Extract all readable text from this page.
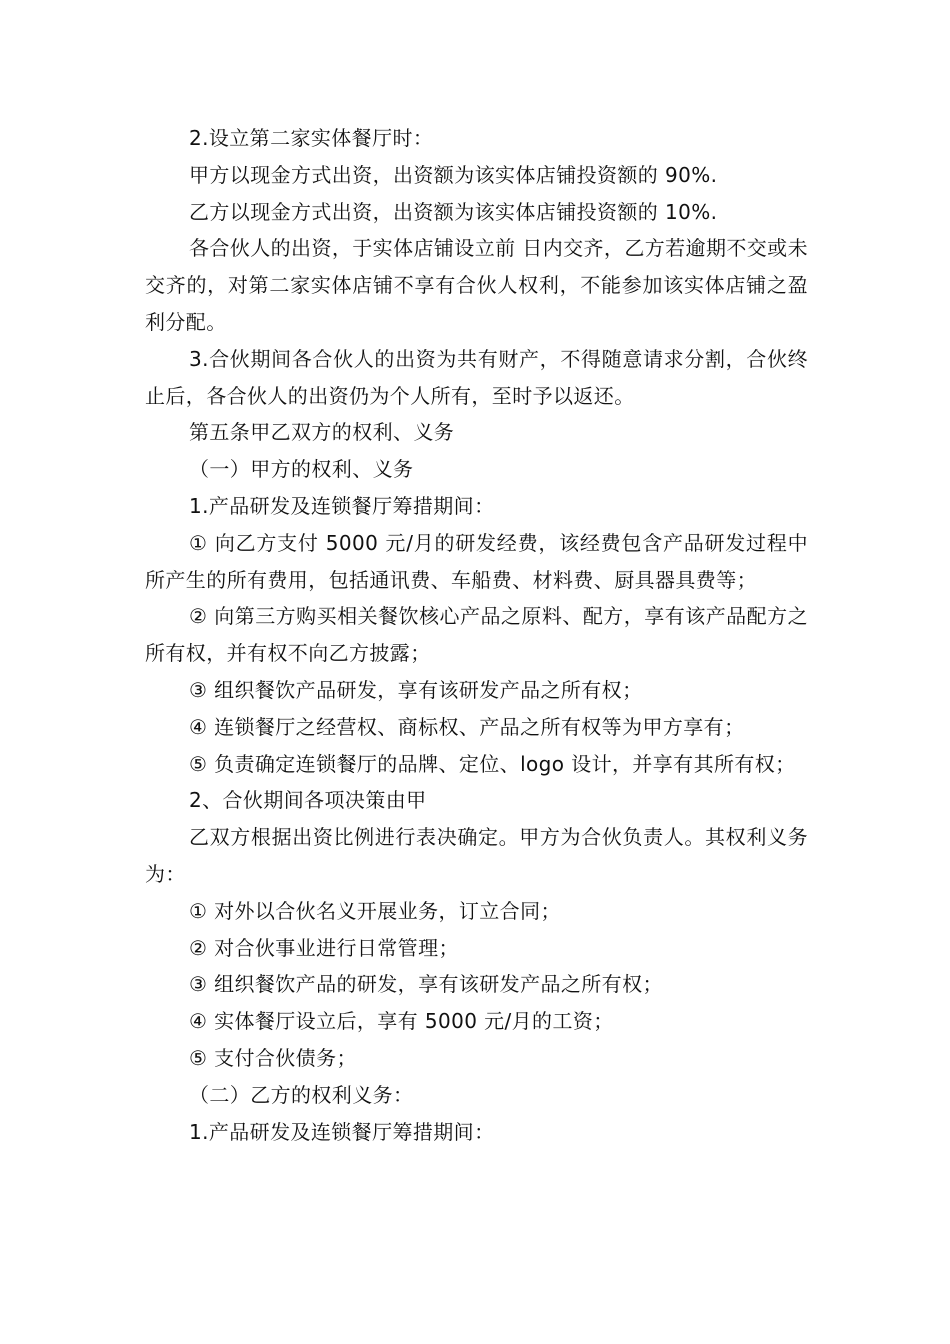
2.设立第二家实体餐厅时：

甲方以现金方式出资，出资额为该实体店铺投资额的 90%.

乙方以现金方式出资，出资额为该实体店铺投资额的 10%.

各合伙人的出资，于实体店铺设立前 日内交齐，乙方若逾期不交或未交齐的，对第二家实体店铺不享有合伙人权利，不能参加该实体店铺之盈利分配。

3.合伙期间各合伙人的出资为共有财产，不得随意请求分割，合伙终止后，各合伙人的出资仍为个人所有，至时予以返还。

第五条甲乙双方的权利、义务

（一）甲方的权利、义务

1.产品研发及连锁餐厅筹措期间：

① 向乙方支付 5000 元/月的研发经费，该经费包含产品研发过程中所产生的所有费用，包括通讯费、车船费、材料费、厨具器具费等；

② 向第三方购买相关餐饮核心产品之原料、配方，享有该产品配方之所有权，并有权不向乙方披露；

③ 组织餐饮产品研发，享有该研发产品之所有权；

④ 连锁餐厅之经营权、商标权、产品之所有权等为甲方享有；

⑤ 负责确定连锁餐厅的品牌、定位、logo 设计，并享有其所有权；

2、合伙期间各项决策由甲

乙双方根据出资比例进行表决确定。甲方为合伙负责人。其权利义务为：

① 对外以合伙名义开展业务，订立合同；

② 对合伙事业进行日常管理；

③ 组织餐饮产品的研发，享有该研发产品之所有权；

④ 实体餐厅设立后，享有 5000 元/月的工资；

⑤ 支付合伙债务；

（二）乙方的权利义务：

1.产品研发及连锁餐厅筹措期间：
